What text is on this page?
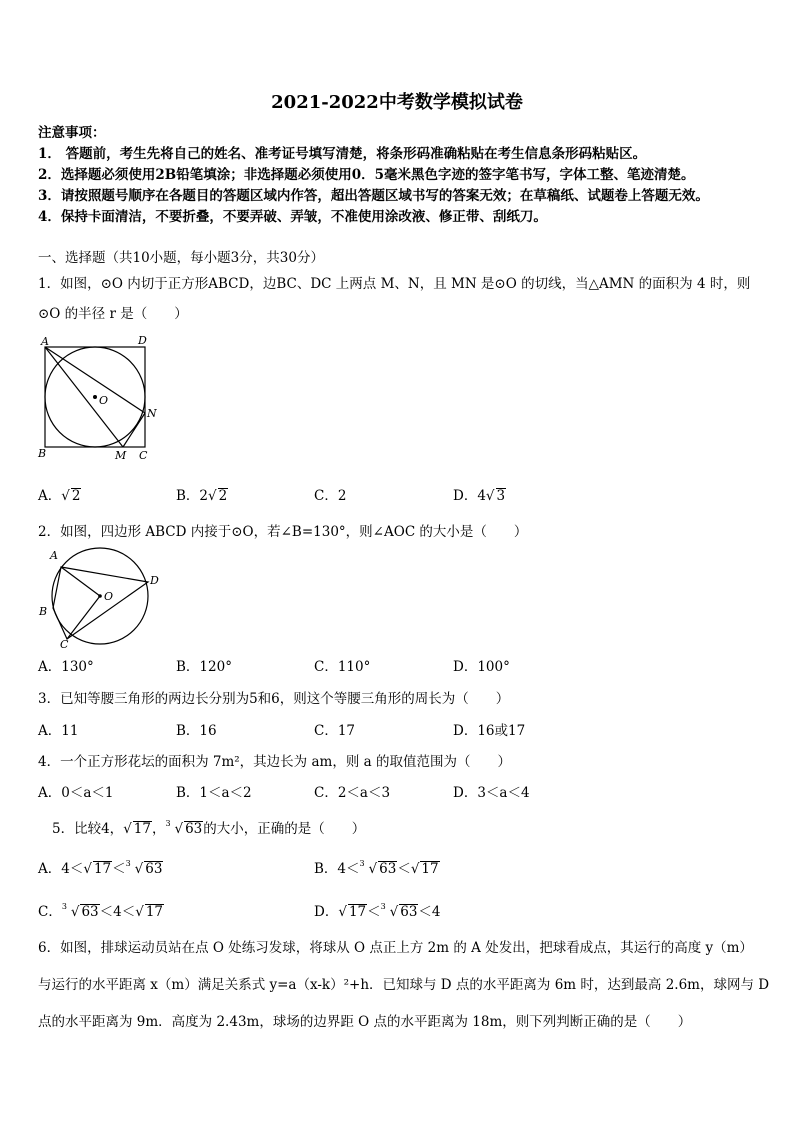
2021-2022中考数学模拟试卷
注意事项：
1． 答题前，考生先将自己的姓名、准考证号填写清楚，将条形码准确粘贴在考生信息条形码粘贴区。
2．选择题必须使用2B铅笔填涂；非选择题必须使用0．5毫米黑色字迹的签字笔书写，字体工整、笔迹清楚。
3．请按照题号顺序在各题目的答题区域内作答，超出答题区域书写的答案无效；在草稿纸、试题卷上答题无效。
4．保持卡面清洁，不要折叠，不要弄破、弄皱，不准使用涂改液、修正带、刮纸刀。
一、选择题（共10小题，每小题3分，共30分）
1．如图，⊙O 内切于正方形ABCD，边BC、DC 上两点 M、N，且 MN 是⊙O 的切线，当△AMN 的面积为 4 时，则
⊙O 的半径 r 是（　　）
A	D
B	C
O
M
N
A．√ 2	B．2√ 2	C．2	D．4√ 3
2．如图，四边形 ABCD 内接于⊙O，若∠B=130°，则∠AOC 的大小是（　　）
A
B
C
D
O
A．130°	B．120°	C．110°	D．100°
3．已知等腰三角形的两边长分别为5和6，则这个等腰三角形的周长为（　　）
A．11	B．16	C．17	D．16或17
4．一个正方形花坛的面积为 7m²，其边长为 am，则 a 的取值范围为（　　）
A．0＜a＜1	B．1＜a＜2	C．2＜a＜3	D．3＜a＜4
5．比较4，√ 17， 3 √ 63的大小，正确的是（　　）
A．4＜√ 17＜ 3 √ 63	B．4＜ 3 √ 63＜√ 17
C． 3 √ 63＜4＜√ 17	D．√ 17＜ 3 √ 63＜4
6．如图，排球运动员站在点 O 处练习发球，将球从 O 点正上方 2m 的 A 处发出，把球看成点，其运行的高度 y（m）
与运行的水平距离 x（m）满足关系式 y=a（x-k）²+h．已知球与 D 点的水平距离为 6m 时，达到最高 2.6m，球网与 D
点的水平距离为 9m．高度为 2.43m，球场的边界距 O 点的水平距离为 18m，则下列判断正确的是（　　）
